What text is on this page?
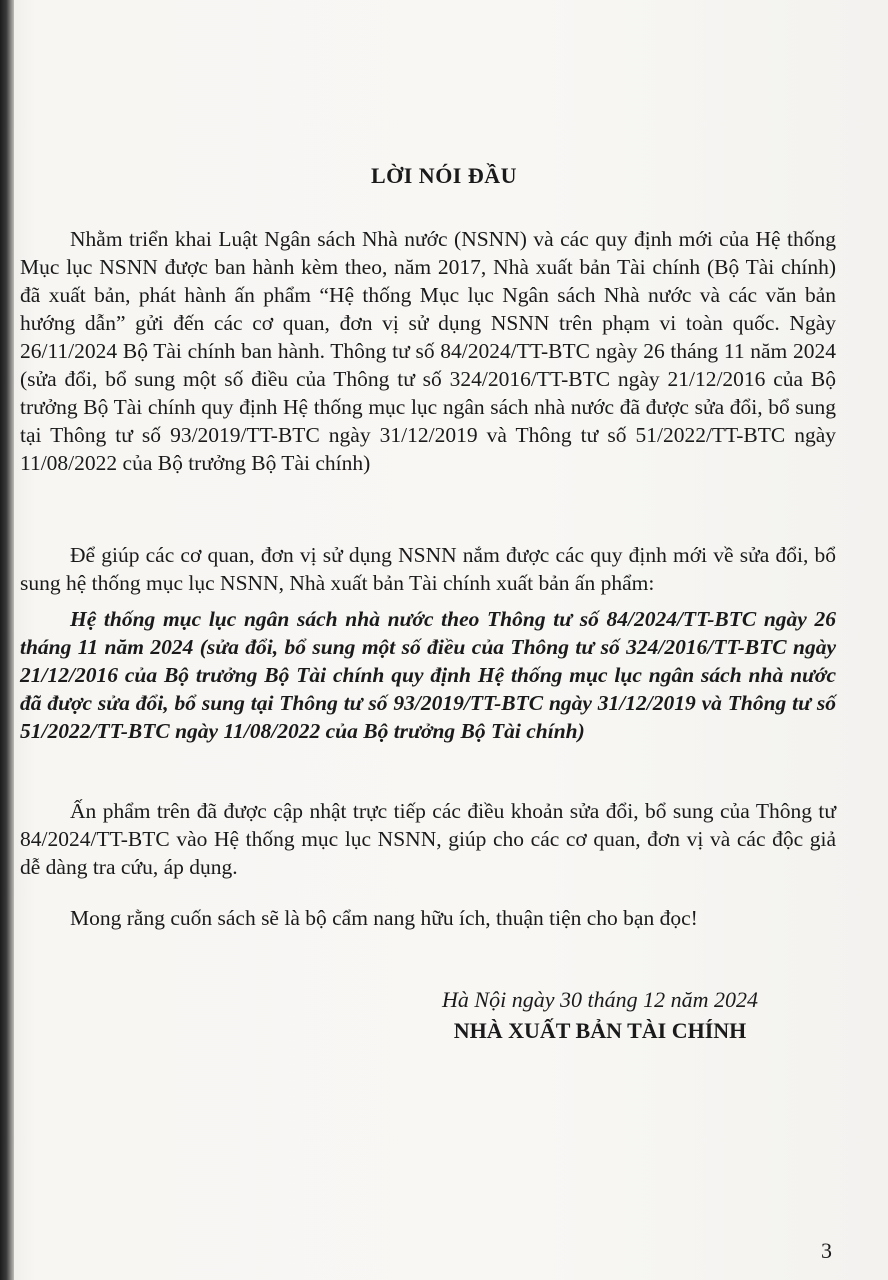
LỜI NÓI ĐẦU

Nhằm triển khai Luật Ngân sách Nhà nước (NSNN) và các quy định mới của Hệ thống Mục lục NSNN được ban hành kèm theo, năm 2017, Nhà xuất bản Tài chính (Bộ Tài chính) đã xuất bản, phát hành ấn phẩm “Hệ thống Mục lục Ngân sách Nhà nước và các văn bản hướng dẫn” gửi đến các cơ quan, đơn vị sử dụng NSNN trên phạm vi toàn quốc. Ngày 26/11/2024 Bộ Tài chính ban hành. Thông tư số 84/2024/TT-BTC ngày 26 tháng 11 năm 2024 (sửa đổi, bổ sung một số điều của Thông tư số 324/2016/TT-BTC ngày 21/12/2016 của Bộ trưởng Bộ Tài chính quy định Hệ thống mục lục ngân sách nhà nước đã được sửa đổi, bổ sung tại Thông tư số 93/2019/TT-BTC ngày 31/12/2019 và Thông tư số 51/2022/TT-BTC ngày 11/08/2022 của Bộ trưởng Bộ Tài chính)

Để giúp các cơ quan, đơn vị sử dụng NSNN nắm được các quy định mới về sửa đổi, bổ sung hệ thống mục lục NSNN, Nhà xuất bản Tài chính xuất bản ấn phẩm:

Hệ thống mục lục ngân sách nhà nước theo Thông tư số 84/2024/TT-BTC ngày 26 tháng 11 năm 2024 (sửa đổi, bổ sung một số điều của Thông tư số 324/2016/TT-BTC ngày 21/12/2016 của Bộ trưởng Bộ Tài chính quy định Hệ thống mục lục ngân sách nhà nước đã được sửa đổi, bổ sung tại Thông tư số 93/2019/TT-BTC ngày 31/12/2019 và Thông tư số 51/2022/TT-BTC ngày 11/08/2022 của Bộ trưởng Bộ Tài chính)

Ấn phẩm trên đã được cập nhật trực tiếp các điều khoản sửa đổi, bổ sung của Thông tư 84/2024/TT-BTC vào Hệ thống mục lục NSNN, giúp cho các cơ quan, đơn vị và các độc giả dễ dàng tra cứu, áp dụng.

Mong rằng cuốn sách sẽ là bộ cẩm nang hữu ích, thuận tiện cho bạn đọc!

Hà Nội ngày 30 tháng 12 năm 2024
NHÀ XUẤT BẢN TÀI CHÍNH
3
